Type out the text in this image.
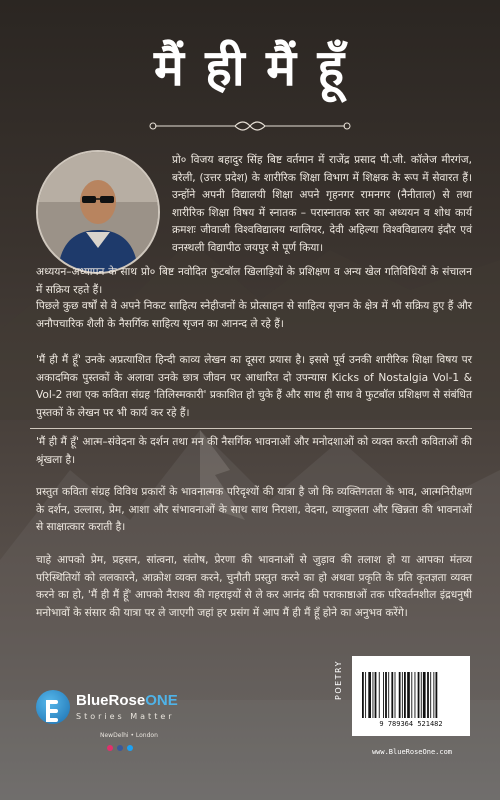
मैं ही मैं हूँ

प्रो० विजय बहादुर सिंह बिष्ट वर्तमान में राजेंद्र प्रसाद पी.जी. कॉलेज मीरगंज, बरेली, (उत्तर प्रदेश) के शारीरिक शिक्षा विभाग में शिक्षक के रूप में सेवारत हैं। उन्होंने अपनी विद्यालयी शिक्षा अपने गृहनगर रामनगर (नैनीताल) से तथा शारीरिक शिक्षा विषय में स्नातक – परास्नातक स्तर का अध्ययन व शोध कार्य क्रमशः जीवाजी विश्वविद्यालय ग्वालियर, देवी अहिल्या विश्वविद्यालय इंदौर एवं वनस्थली विद्यापीठ जयपुर से पूर्ण किया।

अध्ययन–अध्यापन के साथ प्रो० बिष्ट नवोदित फुटबॉल खिलाड़ियों के प्रशिक्षण व अन्य खेल गतिविधियों के संचालन में सक्रिय रहते हैं।

पिछले कुछ वर्षों से वे अपने निकट साहित्य स्नेहीजनों के प्रोत्साहन से साहित्य सृजन के क्षेत्र में भी सक्रिय हुए हैं और अनौपचारिक शैली के नैसर्गिक साहित्य सृजन का आनन्द ले रहे हैं।

'मैं ही मैं हूँ' उनके अप्रत्याशित हिन्दी काव्य लेखन का दूसरा प्रयास है। इससे पूर्व उनकी शारीरिक शिक्षा विषय पर अकादमिक पुस्तकों के अलावा उनके छात्र जीवन पर आधारित दो उपन्यास Kicks of Nostalgia Vol-1 & Vol-2 तथा एक कविता संग्रह 'तिलिस्मकारी' प्रकाशित हो चुके हैं और साथ ही साथ वे फुटबॉल प्रशिक्षण से संबंधित पुस्तकों के लेखन पर भी कार्य कर रहे हैं।

'मैं ही मैं हूँ' आत्म–संवेदना के दर्शन तथा मन की नैसर्गिक भावनाओं और मनोदशाओं को व्यक्त करती कविताओं की श्रृंखला है।

प्रस्तुत कविता संग्रह विविध प्रकारों के भावनात्मक परिदृश्यों की यात्रा है जो कि व्यक्तिगतता के भाव, आत्मनिरीक्षण के दर्शन, उल्लास, प्रेम, आशा और संभावनाओं के साथ साथ निराशा, वेदना, व्याकुलता और खिन्नता की भावनाओं से साक्षात्कार कराती है।

चाहे आपको प्रेम, प्रहसन, सांत्वना, संतोष, प्रेरणा की भावनाओं से जुड़ाव की तलाश हो या आपका मंतव्य परिस्थितियों को ललकारने, आक्रोश व्यक्त करने, चुनौती प्रस्तुत करने का हो अथवा प्रकृति के प्रति कृतज्ञता व्यक्त करने का हो, 'मैं ही मैं हूँ' आपको नैराश्य की गहराइयों से ले कर आनंद की पराकाष्ठाओं तक परिवर्तनशील इंद्रधनुषी मनोभावों के संसार की यात्रा पर ले जाएगी जहां हर प्रसंग में आप मैं ही मैं हूँ होने का अनुभव करेंगे।

BlueRoseONE
Stories Matter
NewDelhi • London
POETRY
9 789364 521482
www.BlueRoseOne.com
